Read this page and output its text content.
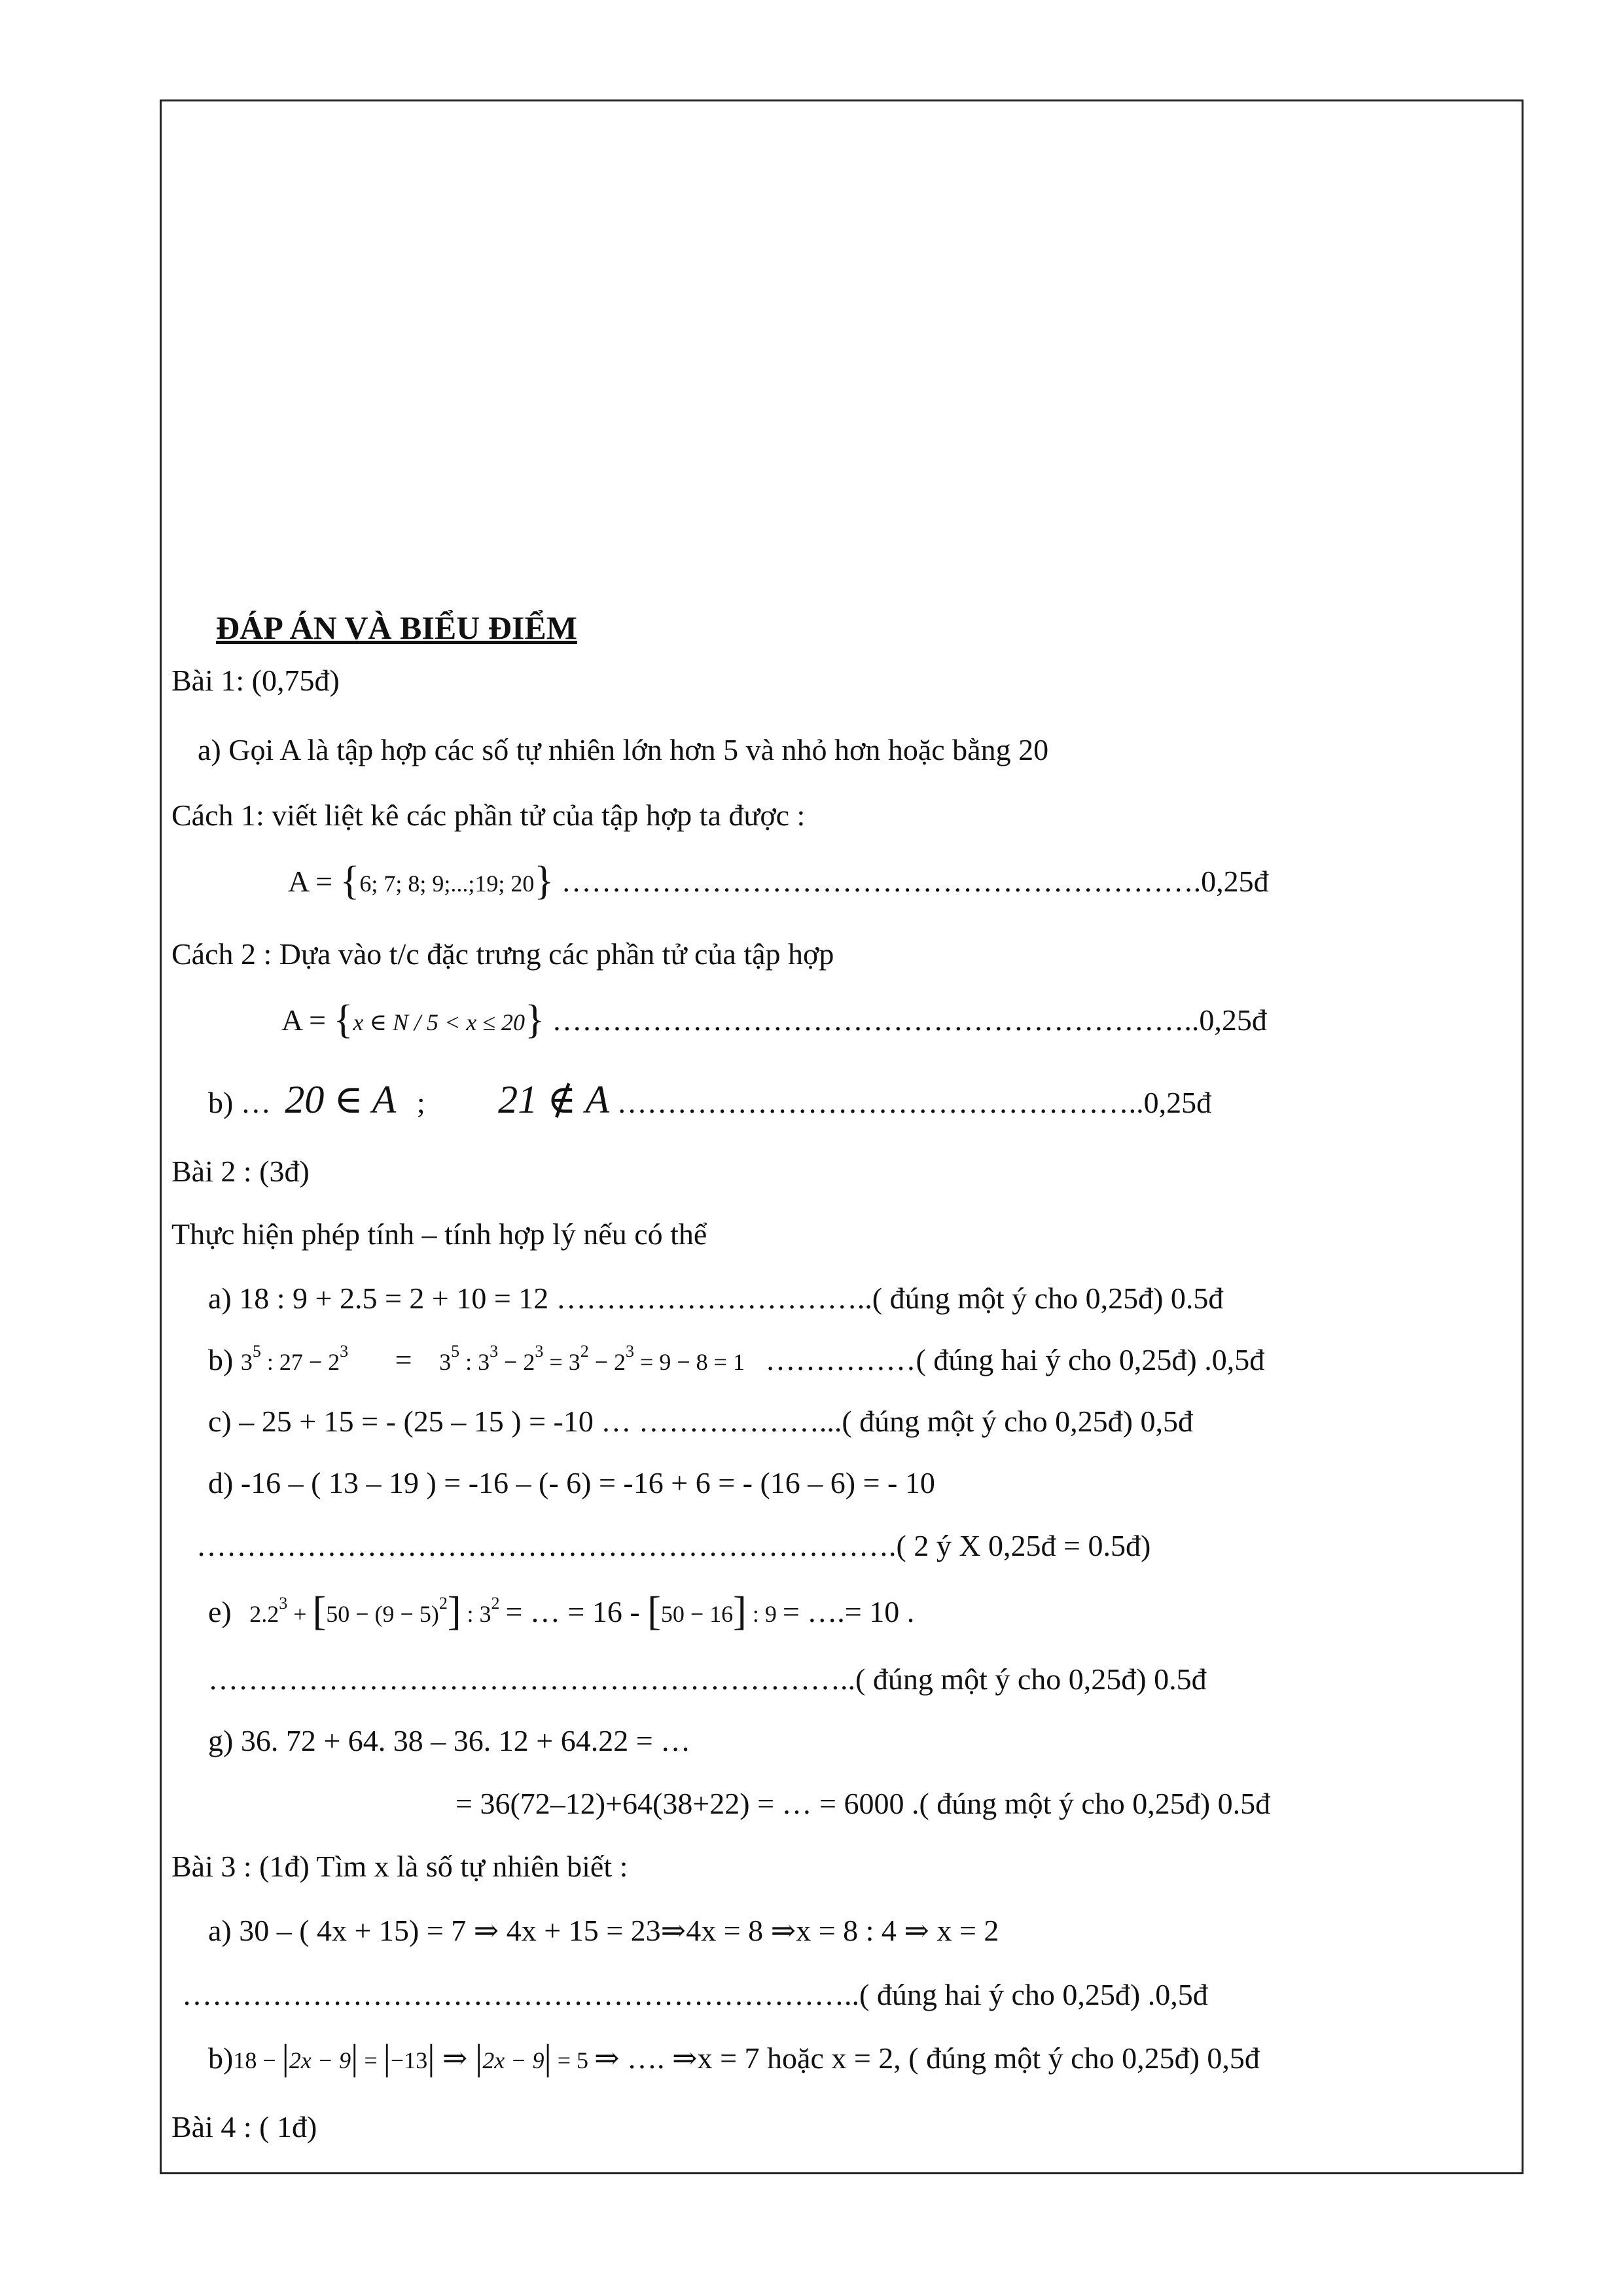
ĐÁP ÁN VÀ BIỂU ĐIỂM
Bài 1: (0,75đ)
a) Gọi A là tập hợp các số tự nhiên lớn hơn 5 và nhỏ hơn hoặc bằng 20
Cách 1: viết liệt kê các phần tử của tập hợp ta được :
A = {6; 7; 8; 9;...;19; 20} ……………………………………………………….0,25đ
Cách 2 : Dựa vào t/c đặc trưng các phần tử của tập hợp
A = {x ∈ N / 5 < x ≤ 20} ………………………………………………………..0,25đ
b) … 20 ∈ A ; 21 ∉ A ……………………………………………..0,25đ
Bài 2 : (3đ)
Thực hiện phép tính – tính hợp lý nếu có thể
a) 18 : 9 + 2.5 = 2 + 10 = 12 …………………………..( đúng một ý cho 0,25đ) 0.5đ
b) $3^5$ : $27 - 2^3 = 3^5$ : $3^3 - 2^3 = 3^2 - 2^3 = 9 - 8 = 1$ ……………( đúng hai ý cho 0,25đ) .0,5đ
c) – 25 + 15 = - (25 – 15 ) = -10 … ………………...( đúng một ý cho 0,25đ) 0,5đ
d) -16 – ( 13 – 19 ) = -16 – (- 6) = -16 + 6 = - (16 – 6) = - 10
…………………………………………………………….( 2 ý X 0,25đ = 0.5đ)
e) $2.2^3 + [50 - (9 - 5)^2]$ : $3^2$ = … = 16 - [50 − 16] : 9 = ….= 10 .
………………………………………………………..( đúng một ý cho 0,25đ) 0.5đ
g) 36. 72 + 64. 38 – 36. 12 + 64.22 = …
= 36(72–12)+64(38+22) = … = 6000 .( đúng một ý cho 0,25đ) 0.5đ
Bài 3 : (1đ) Tìm x là số tự nhiên biết :
a) 30 – ( 4x + 15) = 7 ⇒ 4x + 15 = 23⇒4x = 8 ⇒x = 8 : 4 ⇒ x = 2
…………………………………………………………..( đúng hai ý cho 0,25đ) .0,5đ
b)18 − |2x − 9| = |−13| ⇒ |2x − 9| = 5 ⇒ …. ⇒x = 7 hoặc x = 2, ( đúng một ý cho 0,25đ) 0,5đ
Bài 4 : ( 1đ)
